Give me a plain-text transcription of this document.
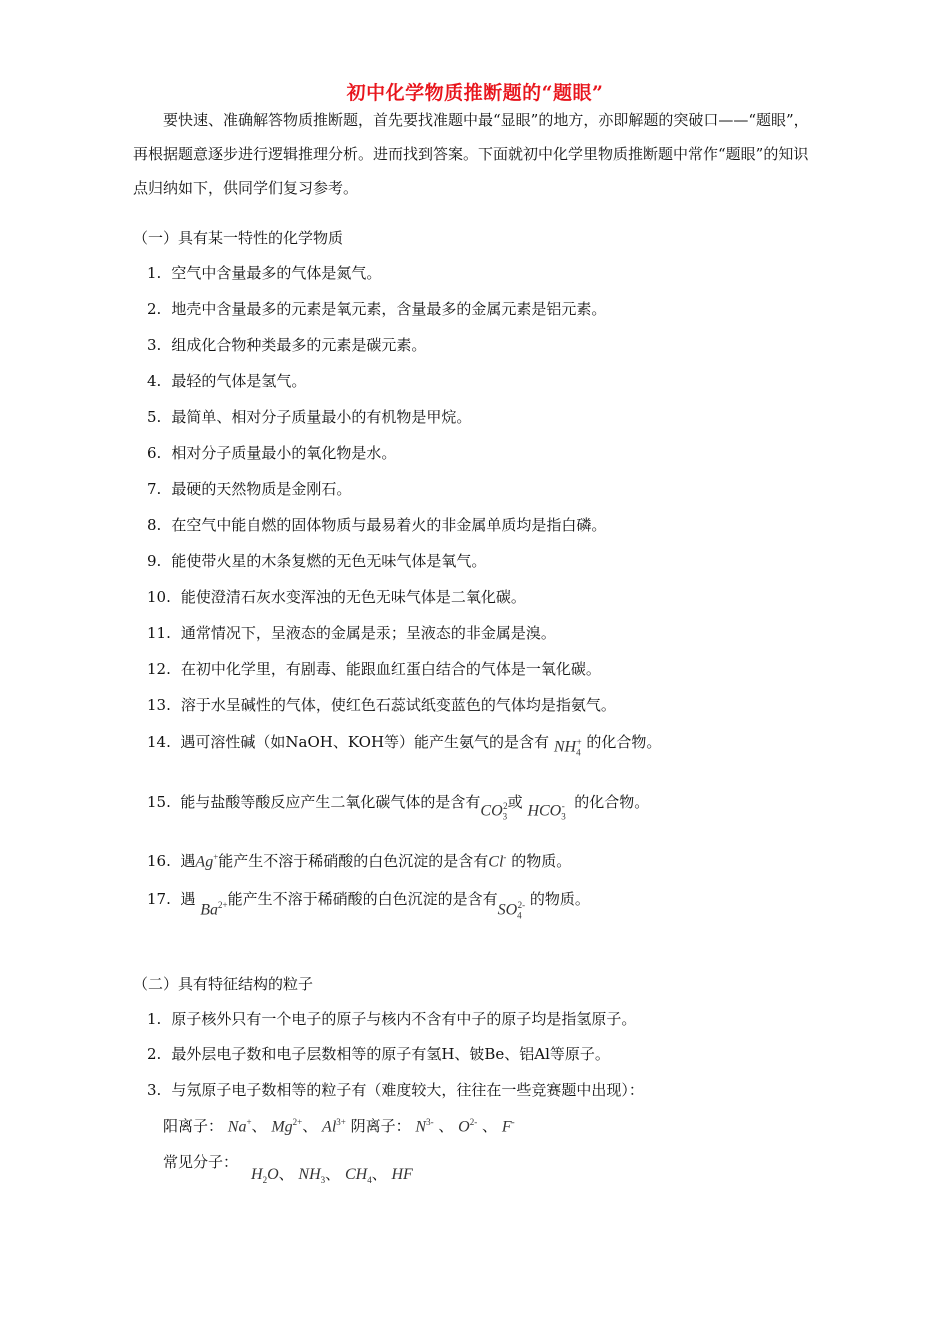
初中化学物质推断题的“题眼”
要快速、准确解答物质推断题，首先要找准题中最“显眼”的地方，亦即解题的突破口——“题眼”，再根据题意逐步进行逻辑推理分析。进而找到答案。下面就初中化学里物质推断题中常作“题眼”的知识点归纳如下，供同学们复习参考。
（一）具有某一特性的化学物质
1. 空气中含量最多的气体是氮气。
2. 地壳中含量最多的元素是氧元素，含量最多的金属元素是铝元素。
3. 组成化合物种类最多的元素是碳元素。
4. 最轻的气体是氢气。
5. 最简单、相对分子质量最小的有机物是甲烷。
6. 相对分子质量最小的氧化物是水。
7. 最硬的天然物质是金刚石。
8. 在空气中能自燃的固体物质与最易着火的非金属单质均是指白磷。
9. 能使带火星的木条复燃的无色无味气体是氧气。
10. 能使澄清石灰水变浑浊的无色无味气体是二氧化碳。
11. 通常情况下，呈液态的金属是汞；呈液态的非金属是溴。
12. 在初中化学里，有剧毒、能跟血红蛋白结合的气体是一氧化碳。
13. 溶于水呈碱性的气体，使红色石蕊试纸变蓝色的气体均是指氨气。
14. 遇可溶性碱（如NaOH、KOH等）能产生氨气的是含有 $NH_4^+$ 的化合物。
15. 能与盐酸等酸反应产生二氧化碳气体的是含有$CO_3^2$或 $HCO_3^-$ 的化合物。
16. 遇Ag+能产生不溶于稀硝酸的白色沉淀的是含有Cl- 的物质。
17. 遇 $Ba^{2+}$能产生不溶于稀硝酸的白色沉淀的是含有$SO_4^{2-}$ 的物质。
（二）具有特征结构的粒子
1. 原子核外只有一个电子的原子与核内不含有中子的原子均是指氢原子。
2. 最外层电子数和电子层数相等的原子有氢H、铍Be、铝Al等原子。
3. 与氖原子电子数相等的粒子有（难度较大，往往在一些竞赛题中出现）：
阳离子： Na+、 $Mg^{2+}$、 $Al^{3+}$ 阴离子： $N^{3-}$ 、 $O^{2-}$ 、 F-
常见分子：
$H_2O$、 $NH_3$、 $CH_4$、 HF
